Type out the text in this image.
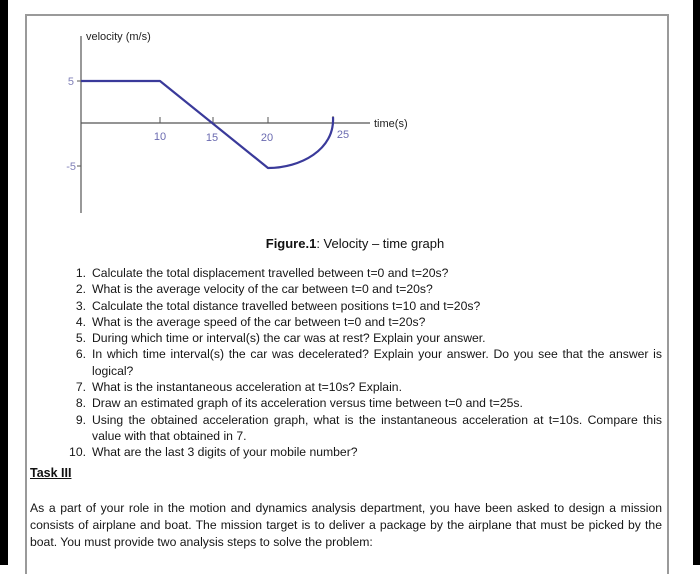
velocity (m/s)
time(s)
5
-5
10	15	20	25
Figure.1: Velocity – time graph
1. Calculate the total displacement travelled between t=0 and t=20s?
2. What is the average velocity of the car between t=0 and t=20s?
3. Calculate the total distance travelled between positions t=10 and t=20s?
4. What is the average speed of the car between t=0 and t=20s?
5. During which time or interval(s) the car was at rest? Explain your answer.
6. In which time interval(s) the car was decelerated? Explain your answer. Do you see that the answer is logical?
7. What is the instantaneous acceleration at t=10s? Explain.
8. Draw an estimated graph of its acceleration versus time between t=0 and t=25s.
9. Using the obtained acceleration graph, what is the instantaneous acceleration at t=10s. Compare this value with that obtained in 7.
10. What are the last 3 digits of your mobile number?
Task III
As a part of your role in the motion and dynamics analysis department, you have been asked to design a mission consists of airplane and boat. The mission target is to deliver a package by the airplane that must be picked by the boat. You must provide two analysis steps to solve the problem:
